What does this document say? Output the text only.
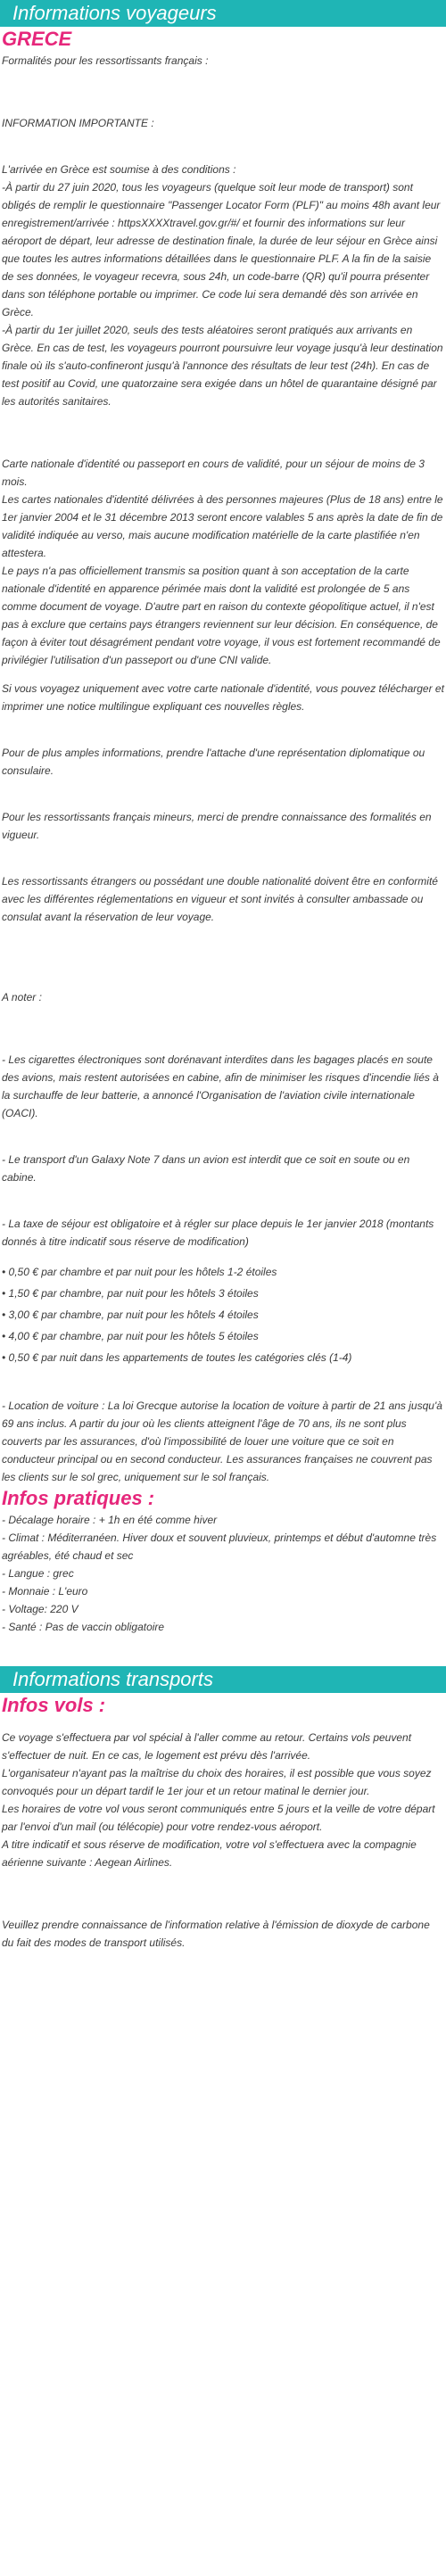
Informations voyageurs
GRECE

Formalités pour les ressortissants français :

INFORMATION IMPORTANTE :

L'arrivée en Grèce est soumise à des conditions :

-À partir du 27 juin 2020, tous les voyageurs (quelque soit leur mode de transport) sont obligés de remplir le questionnaire "Passenger Locator Form (PLF)" au moins 48h avant leur enregistrement/arrivée : httpsXXXXtravel.gov.gr/#/ et fournir des informations sur leur aéroport de départ, leur adresse de destination finale, la durée de leur séjour en Grèce ainsi que toutes les autres informations détaillées dans le questionnaire PLF. A la fin de la saisie de ses données, le voyageur recevra, sous 24h, un code-barre (QR) qu'il pourra présenter dans son téléphone portable ou imprimer. Ce code lui sera demandé dès son arrivée en Grèce.

-À partir du 1er juillet 2020, seuls des tests aléatoires seront pratiqués aux arrivants en Grèce. En cas de test, les voyageurs pourront poursuivre leur voyage jusqu'à leur destination finale où ils s'auto-confineront jusqu'à l'annonce des résultats de leur test (24h). En cas de test positif au Covid, une quatorzaine sera exigée dans un hôtel de quarantaine désigné par les autorités sanitaires.

Carte nationale d'identité ou passeport en cours de validité, pour un séjour de moins de 3 mois.

Les cartes nationales d'identité délivrées à des personnes majeures (Plus de 18 ans) entre le 1er janvier 2004 et le 31 décembre 2013 seront encore valables 5 ans après la date de fin de validité indiquée au verso, mais aucune modification matérielle de la carte plastifiée n'en attestera.

Le pays n'a pas officiellement transmis sa position quant à son acceptation de la carte nationale d'identité en apparence périmée mais dont la validité est prolongée de 5 ans comme document de voyage. D'autre part en raison du contexte géopolitique actuel, il n'est pas à exclure que certains pays étrangers reviennent sur leur décision. En conséquence, de façon à éviter tout désagrément pendant votre voyage, il vous est fortement recommandé de privilégier l'utilisation d'un passeport ou d'une CNI valide.

Si vous voyagez uniquement avec votre carte nationale d'identité, vous pouvez télécharger et imprimer une notice multilingue expliquant ces nouvelles règles.

Pour de plus amples informations, prendre l'attache d'une représentation diplomatique ou consulaire.

Pour les ressortissants français mineurs, merci de prendre connaissance des formalités en vigueur.

Les ressortissants étrangers ou possédant une double nationalité doivent être en conformité avec les différentes réglementations en vigueur et sont invités à consulter ambassade ou consulat avant la réservation de leur voyage.

A noter :

- Les cigarettes électroniques sont dorénavant interdites dans les bagages placés en soute des avions, mais restent autorisées en cabine, afin de minimiser les risques d'incendie liés à la surchauffe de leur batterie, a annoncé l'Organisation de l'aviation civile internationale (OACI).

- Le transport d'un Galaxy Note 7 dans un avion est interdit que ce soit en soute ou en cabine.

- La taxe de séjour est obligatoire et à régler sur place depuis le 1er janvier 2018 (montants donnés à titre indicatif sous réserve de modification)

• 0,50 € par chambre et par nuit pour les hôtels 1-2 étoiles
• 1,50 € par chambre, par nuit pour les hôtels 3 étoiles
• 3,00 € par chambre, par nuit pour les hôtels 4 étoiles
• 4,00 € par chambre, par nuit pour les hôtels 5 étoiles
• 0,50 € par nuit dans les appartements de toutes les catégories clés (1-4)

- Location de voiture : La loi Grecque autorise la location de voiture à partir de 21 ans jusqu'à 69 ans inclus. A partir du jour où les clients atteignent l'âge de 70 ans, ils ne sont plus couverts par les assurances, d'où l'impossibilité de louer une voiture que ce soit en conducteur principal ou en second conducteur. Les assurances françaises ne couvrent pas les clients sur le sol grec, uniquement sur le sol français.

Infos pratiques :

- Décalage horaire : + 1h en été comme hiver

- Climat : Méditerranéen. Hiver doux et souvent pluvieux, printemps et début d'automne très agréables, été chaud et sec

- Langue : grec

- Monnaie : L'euro

- Voltage: 220 V

- Santé : Pas de vaccin obligatoire

Informations transports
Infos vols :

Ce voyage s'effectuera par vol spécial à l'aller comme au retour. Certains vols peuvent s'effectuer de nuit. En ce cas, le logement est prévu dès l'arrivée.

L'organisateur n'ayant pas la maîtrise du choix des horaires, il est possible que vous soyez convoqués pour un départ tardif le 1er jour et un retour matinal le dernier jour.

Les horaires de votre vol vous seront communiqués entre 5 jours et la veille de votre départ par l'envoi d'un mail (ou télécopie) pour votre rendez-vous aéroport.

A titre indicatif et sous réserve de modification, votre vol s'effectuera avec la compagnie aérienne suivante : Aegean Airlines.

Veuillez prendre connaissance de l'information relative à l'émission de dioxyde de carbone du fait des modes de transport utilisés.
